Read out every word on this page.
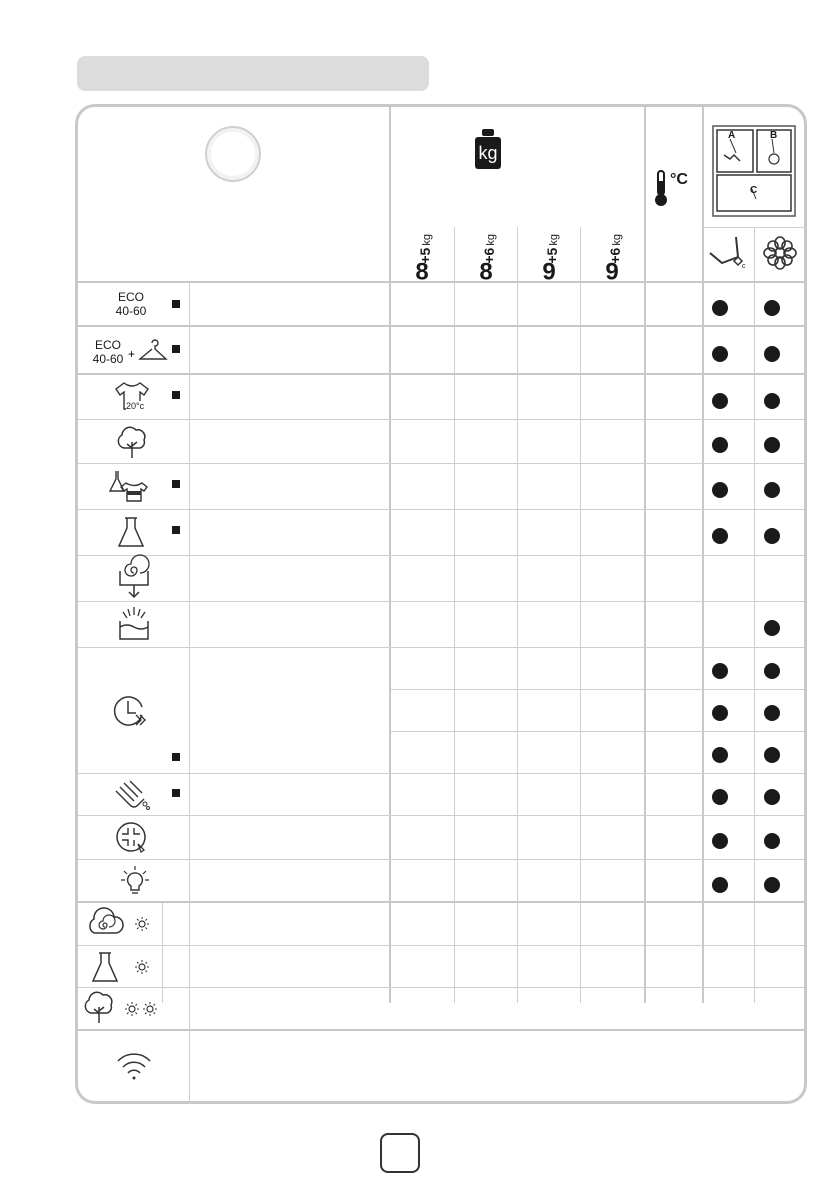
kg
°C
A	B
C
8
+5
kg
8
+6
kg
9
+5
kg
9
+6
kg
c
ECO
40-60
ECO
40-60 +
20°c
